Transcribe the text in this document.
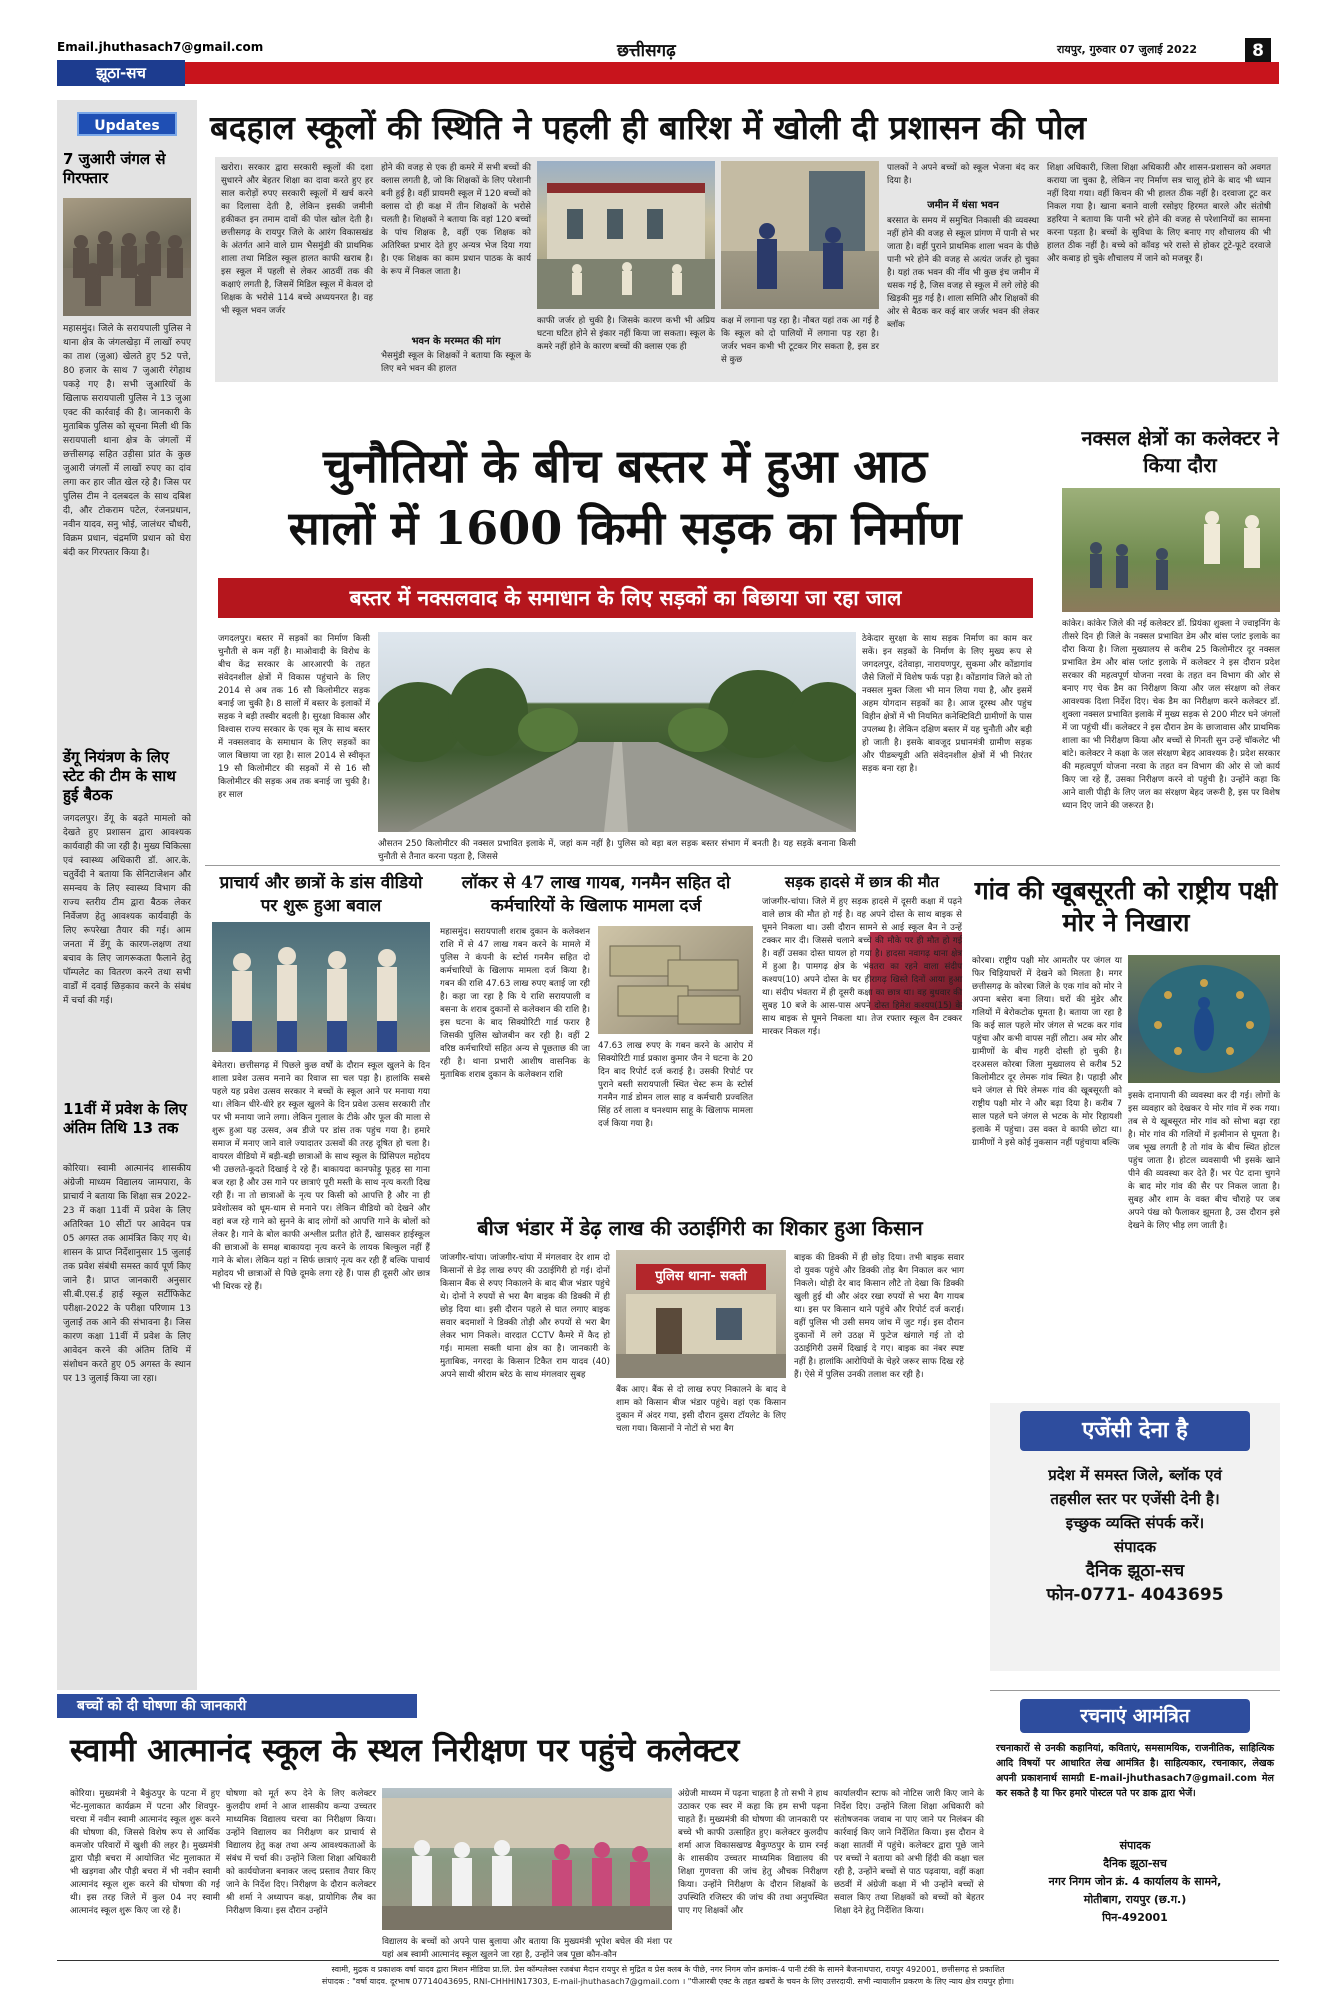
Email.jhuthasach7@gmail.com	छत्तीसगढ़	रायपुर, गुरुवार 07 जुलाई 2022	8
झूठा-सच
Updates
7 जुआरी जंगल से गिरफ्तार
महासमुंद। जिले के सरायपाली पुलिस ने थाना क्षेत्र के जंगलखेड़ा में लाखों रुपए का ताश (जुआ) खेलते हुए 52 पत्ते, 80 हजार के साथ 7 जुआरी रंगेहाथ पकड़े गए है। सभी जुआरियों के खिलाफ सरायपाली पुलिस ने 13 जुआ एक्ट की कार्रवाई की है। जानकारी के मुताबिक पुलिस को सूचना मिली थी कि सरायपाली थाना क्षेत्र के जंगलों में छत्तीसगढ़ सहित उड़ीसा प्रांत के कुछ जुआरी जंगलों में लाखों रुपए का दांव लगा कर हार जीत खेल रहे है। जिस पर पुलिस टीम ने दलबदल के साथ दबिश दी, और टोकराम पटेल, रंजनप्रधान, नवीन यादव, सनु भोई, जालंधर चौधरी, विक्रम प्रधान, चंद्रमणि प्रधान को घेरा बंदी कर गिरफ्तार किया है।
डेंगू नियंत्रण के लिए स्टेट की टीम के साथ हुई बैठक
जगदलपुर। डेंगू के बढ़ते मामलो को देखते हुए प्रशासन द्वारा आवश्यक कार्यवाही की जा रही है। मुख्य चिकित्सा एवं स्वास्थ्य अधिकारी डॉ. आर.के. चतुर्वेदी ने बताया कि सेनिटाजेशन और समन्वय के लिए स्वास्थ्य विभाग की राज्य स्तरीय टीम द्वारा बैठक लेकर निर्वेजण हेतु आवश्यक कार्यवाही के लिए रूपरेखा तैयार की गई। आम जनता में डेंगू के कारण-लक्षण तथा बचाव के लिए जागरूकता फैलाने हेतु पॉम्पलेट का वितरण करने तथा सभी वार्डों में दवाई छिड़काव करने के संबंध में चर्चा की गई।
11वीं में प्रवेश के लिए अंतिम तिथि 13 तक
कोरिया। स्वामी आत्मानंद शासकीय अंग्रेजी माध्यम विद्यालय जामपारा, के प्राचार्य ने बताया कि शिक्षा सत्र 2022-23 में कक्षा 11वीं में प्रवेश के लिए अतिरिक्त 10 सीटों पर आवेदन पत्र 05 अगस्त तक आमंत्रित किए गए थे। शासन के प्राप्त निर्देशानुसार 15 जुलाई तक प्रवेश संबंधी समस्त कार्य पूर्ण किए जाने है। प्राप्त जानकारी अनुसार सी.बी.एस.ई हाई स्कूल सर्टीफिकेट परीक्षा-2022 के परीक्षा परिणाम 13 जुलाई तक आने की संभावना है। जिस कारण कक्षा 11वीं में प्रवेश के लिए आवेदन करने की अंतिम तिथि में संशोधन करते हुए 05 अगस्त के स्थान पर 13 जुलाई किया जा रहा।
बदहाल स्कूलों की स्थिति ने पहली ही बारिश में खोली दी प्रशासन की पोल
खरोरा। सरकार द्वारा सरकारी स्कूलों की दशा सुधारने और बेहतर शिक्षा का दावा करते हुए हर साल करोड़ों रुपए सरकारी स्कूलों में खर्च करने का दिलासा देती है, लेकिन इसकी जमीनी हकीकत इन तमाम दावों की पोल खोल देती है। छत्तीसगढ़ के रायपुर जिले के आरंग विकासखंड के अंतर्गत आने वाले ग्राम भैसमुंडी की प्राथमिक शाला तथा मिडिल स्कूल हालत काफी खराब है। इस स्कूल में पहली से लेकर आठवीं तक की कक्षाएं लगती है, जिसमें मिडिल स्कूल में केवल दो शिक्षक के भरोसे 114 बच्चे अध्ययनरत है। वह भी स्कूल भवन जर्जर
होने की वजह से एक ही कमरे में सभी बच्चों की क्लास लगती है, जो कि शिक्षकों के लिए परेशानी बनी हुई है। वहीं प्रायमरी स्कूल में 120 बच्चों को क्लास दो ही कक्ष में तीन शिक्षकों के भरोसे चलती है। शिक्षकों ने बताया कि वहां 120 बच्चों के पांच शिक्षक है, वहीं एक शिक्षक को अतिरिक्त प्रभार देते हुए अन्यत्र भेज दिया गया है। एक शिक्षक का काम प्रधान पाठक के कार्य के रूप में निकल जाता है।
भवन के मरम्मत की मांग
भैसमुंडी स्कूल के शिक्षकों ने बताया कि स्कूल के लिए बने भवन की हालत
काफी जर्जर हो चुकी है। जिसके कारण कभी भी अप्रिय घटना घटित होने से इंकार नहीं किया जा सकता। स्कूल के कमरे नहीं होने के कारण बच्चों की क्लास एक ही
कक्ष में लगाना पड़ रहा है। नौबत यहां तक आ गई है कि स्कूल को दो पालियों में लगाना पड़ रहा है। जर्जर भवन कभी भी टूटकर गिर सकता है, इस डर से कुछ
पालकों ने अपने बच्चों को स्कूल भेजना बंद कर दिया है।
जमीन में धंसा भवन
बरसात के समय में समुचित निकासी की व्यवस्था नहीं होने की वजह से स्कूल प्रांगण में पानी से भर जाता है। वहीं पुराने प्राथमिक शाला भवन के पीछे पानी भरे होने की वजह से अत्यंत जर्जर हो चुका है। यहां तक भवन की नींव भी कुछ इंच जमीन में धसक गई है, जिस वजह से स्कूल में लगे लोहे की खिड़की मुड़ गई है। शाला समिति और शिक्षकों की ओर से बैठक कर कई बार जर्जर भवन की लेकर ब्लॉक
शिक्षा अधिकारी, जिला शिक्षा अधिकारी और शासन-प्रशासन को अवगत कराया जा चुका है, लेकिन नए निर्माण सत्र चालू होने के बाद भी ध्यान नहीं दिया गया। वहीं किचन की भी हालत ठीक नहीं है। दरवाजा टूट कर निकल गया है। खाना बनाने वाली रसोइए हिरमत बारले और संतोषी डहरिया ने बताया कि पानी भरे होने की वजह से परेशानियों का सामना करना पड़ता है। बच्चों के सुविधा के लिए बनाए गए शौचालय की भी हालत ठीक नहीं है। बच्चे को कॉवड़ भरे रास्ते से होकर टूटे-फूटे दरवाजे और कबाड़ हो चुके शौचालय में जाने को मजबूर हैं।
चुनौतियों के बीच बस्तर में हुआ आठ
सालों में 1600 किमी सड़क का निर्माण
बस्तर में नक्सलवाद के समाधान के लिए सड़कों का बिछाया जा रहा जाल
जगदलपुर। बस्तर में सड़कों का निर्माण किसी चुनौती से कम नहीं है। माओवादी के विरोध के बीच केंद्र सरकार के आरआरपी के तहत संवेदनशील क्षेत्रों में विकास पहुंचाने के लिए 2014 से अब तक 16 सौ किलोमीटर सड़क बनाई जा चुकी है। 8 सालों में बस्तर के इलाकों में सड़क ने बड़ी तस्वीर बदली है। सुरक्षा विकास और विश्वास राज्य सरकार के एक सूत्र के साथ बस्तर में नक्सलवाद के समाधान के लिए सड़कों का जाल बिछाया जा रहा है। साल 2014 से स्वीकृत 19 सौ किलोमीटर की सड़कों में से 16 सौ किलोमीटर की सड़क अब तक बनाई जा चुकी है। हर साल
औसतन 250 किलोमीटर की नक्सल प्रभावित इलाके में, जहां कम नहीं है। पुलिस को बड़ा बल सड़क बस्तर संभाग में बनती है। यह सड़कें बनाना किसी चुनौती से तैनात करना पड़ता है, जिससे
ठेकेदार सुरक्षा के साथ सड़क निर्माण का काम कर सकें। इन सड़कों के निर्माण के लिए मुख्य रूप से जगदलपुर, दंतेवाड़ा, नारायणपुर, सुकमा और कोंडागांव जैसे जिलों में विशेष फर्क पड़ा है। कोंडागांव जिले को तो नक्सल मुक्त जिला भी मान लिया गया है, और इसमें अहम योगदान सड़कों का है। आज दूरस्थ और पहुंच विहीन क्षेत्रों में भी नियमित कनेक्टिविटी ग्रामीणों के पास उपलब्ध है। लेकिन दक्षिण बस्तर में यह चुनौती और बड़ी हो जाती है। इसके बावजूद प्रधानमंत्री ग्रामीण सड़क और पीडब्ल्यूडी अति संवेदनशील क्षेत्रों में भी निरंतर सड़क बना रहा है।
नक्सल क्षेत्रों का कलेक्टर ने किया दौरा
कांकेर। कांकेर जिले की नई कलेक्टर डॉ. प्रियंका शुक्ला ने ज्वाइनिंग के तीसरे दिन ही जिले के नक्सल प्रभावित डेम और बांस प्लांट इलाके का दौरा किया है। जिला मुख्यालय से करीब 25 किलोमीटर दूर नक्सल प्रभावित डेम और बांस प्लांट इलाके में कलेक्टर ने इस दौरान प्रदेश सरकार की महत्वपूर्ण योजना नरवा के तहत वन विभाग की ओर से बनाए गए चेक डैम का निरीक्षण किया और जल संरक्षण को लेकर आवश्यक दिशा निर्देश दिए। चेक डैम का निरीक्षण करने कलेक्टर डॉ. शुक्ला नक्सल प्रभावित इलाके में मुख्य सड़क से 200 मीटर घने जंगलों में जा पहुंची थीं। कलेक्टर ने इस दौरान डेम के छाजावास और प्राथमिक शाला का भी निरीक्षण किया और बच्चों से गिनती सुन उन्हें चॉकलेट भी बांटे। कलेक्टर ने कक्षा के जल संरक्षण बेहद आवश्यक है। प्रदेश सरकार की महत्वपूर्ण योजना नरवा के तहत वन विभाग की ओर से जो कार्य किए जा रहे हैं, उसका निरीक्षण करने वो पहुंची है। उन्होंने कहा कि आने वाली पीढ़ी के लिए जल का संरक्षण बेहद जरूरी है, इस पर विशेष ध्यान दिए जाने की जरूरत है।
प्राचार्य और छात्रों के डांस वीडियो पर शुरू हुआ बवाल
बेमेतरा। छत्तीसगढ़ में पिछले कुछ वर्षों के दौरान स्कूल खुलने के दिन शाला प्रवेश उत्सव मनाने का रिवाज सा चल पड़ा है। हालांकि सबसे पहले यह प्रवेश उत्सव सरकार ने बच्चों के स्कूल आने पर मनाया गया था। लेकिन धीरे-धीरे हर स्कूल खुलने के दिन प्रवेश उत्सव सरकारी तौर पर भी मनाया जाने लगा। लेकिन गुलाल के टीके और फूल की माला से शुरू हुआ यह उत्सव, अब डीजे पर डांस तक पहुंच गया है। हमारे समाज में मनाए जाने वाले ज्यादातर उत्सवों की तरह दूषित हो चला है। वायरल वीडियो में बड़ी-बड़ी छात्राओं के साथ स्कूल के प्रिंसिपल महोदय भी उछलते-कूदते दिखाई दे रहे हैं। बाकायदा कानफोड़ू फूहड़ सा गाना बज रहा है और उस गाने पर छात्राएं पूरी मस्ती के साथ नृत्य करती दिख रही हैं। ना तो छात्राओं के नृत्य पर किसी को आपत्ति है और ना ही प्रवेशोत्सव को धूम-धाम से मनाने पर। लेकिन वीडियो को देखने और वहां बज रहे गाने को सुनने के बाद लोगों को आपत्ति गाने के बोलों को लेकर है। गाने के बोल काफी अश्लील प्रतीत होते हैं, खासकर हाईस्कूल की छात्राओं के समक्ष बाकायदा नृत्य करने के लायक बिल्कुल नहीं हैं गाने के बोल। लेकिन यहां न सिर्फ छात्राएं नृत्य कर रही हैं बल्कि पाचार्य महोदय भी छात्राओं से पिछे दूमके लगा रहे हैं। पास ही दूसरी ओर छात्र भी थिरक रहे हैं।
लॉकर से 47 लाख गायब, गनमैन सहित दो कर्मचारियों के खिलाफ मामला दर्ज
महासमुंद। सरायपाली शराब दुकान के कलेक्शन राशि में से 47 लाख गबन करने के मामले में पुलिस ने कंपनी के स्टोर्स गनमैन सहित दो कर्मचारियों के खिलाफ मामला दर्ज किया है। गबन की राशि 47.63 लाख रुपए बताई जा रही है। कहा जा रहा है कि ये राशि सरायपाली व बसना के शराब दुकानों से कलेक्शन की राशि है। इस घटना के बाद सिक्योरिटी गार्ड फरार है जिसकी पुलिस खोजबीन कर रही है। वहीं 2 वरिष्ठ कर्मचारियों सहित अन्य से पूछताछ की जा रही है। थाना प्रभारी आशीष वासनिक के मुताबिक शराब दुकान के कलेक्शन राशि
47.63 लाख रुपए के गबन करने के आरोप में सिक्योरिटी गार्ड प्रकाश कुमार जैन ने घटना के 20 दिन बाद रिपोर्ट दर्ज कराई है। उसकी रिपोर्ट पर पुराने बस्ती सरायपाली स्थित चेस्ट रूम के स्टोर्स गनमैन गार्ड डोमन लाल साह व कर्मचारी प्रज्वलित सिंह ठर्र लाला व घनश्याम साहू के खिलाफ मामला दर्ज किया गया है।
सड़क हादसे में छात्र की मौत
जांजगीर-चांपा। जिले में हुए सड़क हादसे में दूसरी कक्षा में पढ़ने वाले छात्र की मौत हो गई है। वह अपने दोस्त के साथ बाइक से घूमने निकला था। उसी दौरान सामने से आई स्कूल बैन ने उन्हें टक्कर मार दी। जिससे चलाने बच्चे की मौके पर ही मौत हो गई है। वहीं उसका दोस्त घायल हो गया है। हादसा नवागढ़ थाना क्षेत्र में हुआ है। पामगढ़ क्षेत्र के भंवतरा का रहने वाला संदीप कश्यप(10) अपने दोस्त के घर हीरागढ़ खिस्ते दिनों आया हुआ था। संदीप भंवतरा में ही दूसरी कक्षा का छात्र था। वह बुधवार की सुबह 10 बजे के आस-पास अपने दोस्त हिमेश कश्यप(15) के साथ बाइक से घूमने निकला था। तेज रफ्तार स्कूल वैन टक्कर मारकर निकल गई।
गांव की खूबसूरती को राष्ट्रीय पक्षी मोर ने निखारा
कोरबा। राष्ट्रीय पक्षी मोर आमतौर पर जंगल या फिर चिड़ियाघरों में देखने को मिलता है। मगर छत्तीसगढ़ के कोरबा जिले के एक गांव को मोर ने अपना बसेरा बना लिया। घरों की मुंडेर और गलियों में बेरोकटोक घूमता है। बताया जा रहा है कि कई साल पहले मोर जंगल से भटक कर गांव पहुंचा और कभी वापस नहीं लौटा। अब मोर और ग्रामीणों के बीच गहरी दोस्ती हो चुकी है। दरअसल कोरबा जिला मुख्यालय से करीब 52 किलोमीटर दूर लेमरू गांव स्थित है। पहाड़ी और घने जंगल से घिरे लेमरू गांव की खूबसूरती को राष्ट्रीय पक्षी मोर ने और बढ़ा दिया है। करीब 7 साल पहले घने जंगल से भटक के मोर रिहायशी इलाके में पहुंचा। उस वक्त वे काफी छोटा था। ग्रामीणों ने इसे कोई नुकसान नहीं पहुंचाया बल्कि
इसके दानापानी की व्यवस्था कर दी गई। लोगों के इस व्यवहार को देखकर ये मोर गांव में रुक गया। तब से ये खूबसूरत मोर गांव को सोभा बढ़ा रहा है। मोर गांव की गलियों में इत्मीनान से घूमता है। जब भूख लगती है तो गांव के बीच स्थित होटल पहुंच जाता है। होटल व्यवसायी भी इसके खाने पीने की व्यवस्था कर देते हैं। भर पेट दाना चुगने के बाद मोर गांव की सैर पर निकल जाता है। सुबह और शाम के वक्त बीच चौराहे पर जब अपने पंख को फैलाकर झूमता है, उस दौरान इसे देखने के लिए भीड़ लग जाती है।
बीज भंडार में डेढ़ लाख की उठाईगिरी का शिकार हुआ किसान
जांजगीर-चांपा। जांजगीर-चांपा में मंगलवार देर शाम दो किसानों से डेढ़ लाख रुपए की उठाईगिरी हो गई। दोनों किसान बैंक से रुपए निकालने के बाद बीज भंडार पहुंचे थे। दोनों ने रुपयों से भरा बैग बाइक की डिक्की में ही छोड़ दिया था। इसी दौरान पहले से घात लगाए बाइक सवार बदमाशों ने डिक्की तोड़ी और रुपयों से भरा बैग लेकर भाग निकले। वारदात CCTV कैमरे में कैद हो गई। मामला सक्ती थाना क्षेत्र का है। जानकारी के मुताबिक, नगरदा के किसान टिकैत राम यादव (40) अपने साथी श्रीराम बरेठ के साथ मंगलवार सुबह
पुलिस थाना- सक्ती
बैंक आए। बैंक से दो लाख रुपए निकालने के बाद वे शाम को किसान बीज भंडार पहुंचे। वहां एक किसान दुकान में अंदर गया, इसी दौरान दुसरा टॉयलेट के लिए चला गया। किसानों ने नोटों से भरा बैग
बाइक की डिक्की में ही छोड़ दिया। तभी बाइक सवार दो युवक पहुंचे और डिक्की तोड़ बैग निकाल कर भाग निकले। थोड़ी देर बाद किसान लौटे तो देखा कि डिक्की खुली हुई थी और अंदर रखा रुपयों से भरा बैग गायब था। इस पर किसान थाने पहुंचे और रिपोर्ट दर्ज कराई। वहीं पुलिस भी उसी समय जांच में जुट गई। इस दौरान दुकानों में लगे उठक्ष में फुटेज खंगाले गई तो दो उठाईगिरी उसमें दिखाई दे गए। बाइक का नंबर स्पष्ट नहीं है। हालांकि आरोपियों के चेहरे जरूर साफ दिख रहे हैं। ऐसे में पुलिस उनकी तलाश कर रही है।
एजेंसी देना है
प्रदेश में समस्त जिले, ब्लॉक एवं
तहसील स्तर पर एजेंसी देनी है।
इच्छुक व्यक्ति संपर्क करें।
संपादक
दैनिक झूठा-सच
फोन-0771- 4043695
रचनाएं आमंत्रित
रचनाकारों से उनकी कहानियां, कविताएं, समसामयिक, राजनीतिक, साहित्यिक आदि विषयों पर आधारित लेख आमंत्रित है। साहित्यकार, रचनाकार, लेखक अपनी प्रकाशनार्थ सामग्री E-mail-jhuthasach7@gmail.com मेल कर सकते है या फिर हमारे पोस्टल पते पर डाक द्वारा भेजें।
संपादक
दैनिक झूठा-सच
नगर निगम जोन क्रं. 4 कार्यालय के सामने,
मोतीबाग, रायपुर (छ.ग.)
पिन-492001
बच्चों को दी घोषणा की जानकारी
स्वामी आत्मानंद स्कूल के स्थल निरीक्षण पर पहुंचे कलेक्टर
कोरिया। मुख्यमंत्री ने बैकुंठपुर के पटना में हुए भेंट-मुलाकात कार्यक्रम में पटना और शिवपुर-चरचा में नवीन स्वामी आत्मानंद स्कूल शुरू करने की घोषणा की, जिससे विशेष रूप से आर्थिक कमजोर परिवारों में खुशी की लहर है। मुख्यमंत्री द्वारा पौड़ी बचरा में आयोजित भेंट मुलाकात में भी खड़गवा और पौड़ी बचरा में भी नवीन स्वामी आत्मानंद स्कूल शुरू करने की घोषणा की गई थी। इस तरह जिले में कुल 04 नए स्वामी आत्मानंद स्कूल शुरू किए जा रहे हैं।
घोषणा को मूर्त रूप देने के लिए कलेक्टर कुलदीप शर्मा ने आज शासकीय कन्या उच्चतर माध्यमिक विद्यालय चरचा का निरीक्षण किया। उन्होंने विद्यालय का निरीक्षण कर प्राचार्य से विद्यालय हेतु कक्ष तथा अन्य आवश्यकताओं के संबंध में चर्चा की। उन्होंने जिला शिक्षा अधिकारी को कार्ययोजना बनाकर जल्द प्रस्ताव तैयार किए जाने के निर्देश दिए। निरीक्षण के दौरान कलेक्टर श्री शर्मा ने अध्यापन कक्ष, प्रायोगिक लैब का निरीक्षण किया। इस दौरान उन्होंने
विद्यालय के बच्चों को अपने पास बुलाया और बताया कि मुख्यमंत्री भूपेश बघेल की मंशा पर यहां अब स्वामी आत्मानंद स्कूल खुलने जा रहा है, उन्होंने जब पूछा कौन-कौन
अंग्रेजी माध्यम में पढ़ना चाहता है तो सभी ने हाथ उठाकर एक स्वर में कहा कि हम सभी पढ़ना चाहते हैं। मुख्यमंत्री की घोषणा की जानकारी पर बच्चे भी काफी उत्साहित हुए। कलेक्टर कुलदीप शर्मा आज विकासखण्ड बैकुण्ठपुर के ग्राम रनई के शासकीय उच्चतर माध्यमिक विद्यालय की शिक्षा गुणवत्ता की जांच हेतु औचक निरीक्षण किया। उन्होंने निरीक्षण के दौरान शिक्षकों के उपस्थिति रजिस्टर की जांच की तथा अनुपस्थित पाए गए शिक्षकों और
कार्यालयीन स्टाफ को नोटिस जारी किए जाने के निर्देश दिए। उन्होंने जिला शिक्षा अधिकारी को संतोषजनक जवाब ना पाए जाने पर निलंबन की कार्रवाई किए जाने निर्देशित किया। इस दौरान वे कक्षा सातवीं में पहुंचे। कलेक्टर द्वारा पूछे जाने पर बच्चों ने बताया को अभी हिंदी की कक्षा चल रही है, उन्होंने बच्चों से पाठ पढ़वाया, वहीं कक्षा छठवीं में अंग्रेजी कक्षा में भी उन्होंने बच्चों से सवाल किए तथा शिक्षकों को बच्चों को बेहतर शिक्षा देने हेतु निर्देशित किया।
स्वामी, मुद्रक व प्रकाशक वर्षा यादव द्वारा मिशन मीडिया प्रा.लि. प्रेस कॉम्पलेक्स रजबंधा मैदान रायपुर से मुद्रित व प्रेस क्लब के पीछे, नगर निगम जोन क्रमांक-4 पानी टंकी के सामने बैजनाथपारा, रायपुर 492001, छत्तीसगढ़ से प्रकाशित
संपादक : "वर्षा यादव. दूरभाष 07714043695, RNI-CHHHIN17303, E-mail-jhuthasach7@gmail.com । "पीआरबी एक्ट के तहत खबरों के चयन के लिए उत्तरदायी. सभी न्यायालीन प्रकरण के लिए न्याय क्षेत्र रायपुर होगा।
